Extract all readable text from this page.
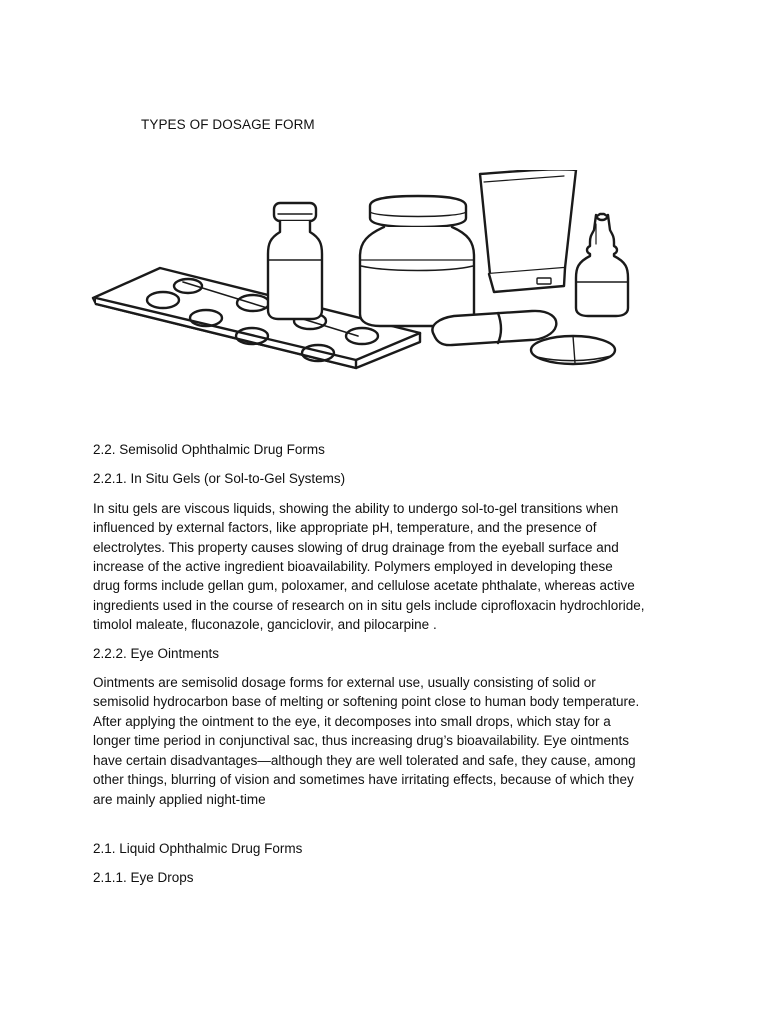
TYPES OF DOSAGE FORM
2.2. Semisolid Ophthalmic Drug Forms
2.2.1. In Situ Gels (or Sol-to-Gel Systems)

In situ gels are viscous liquids, showing the ability to undergo sol-to-gel transitions when
influenced by external factors, like appropriate pH, temperature, and the presence of
electrolytes. This property causes slowing of drug drainage from the eyeball surface and
increase of the active ingredient bioavailability. Polymers employed in developing these
drug forms include gellan gum, poloxamer, and cellulose acetate phthalate, whereas active
ingredients used in the course of research on in situ gels include ciprofloxacin hydrochloride,
timolol maleate, fluconazole, ganciclovir, and pilocarpine .

2.2.2. Eye Ointments

Ointments are semisolid dosage forms for external use, usually consisting of solid or
semisolid hydrocarbon base of melting or softening point close to human body temperature.
After applying the ointment to the eye, it decomposes into small drops, which stay for a
longer time period in conjunctival sac, thus increasing drug’s bioavailability. Eye ointments
have certain disadvantages—although they are well tolerated and safe, they cause, among
other things, blurring of vision and sometimes have irritating effects, because of which they
are mainly applied night-time

2.1. Liquid Ophthalmic Drug Forms
2.1.1. Eye Drops
